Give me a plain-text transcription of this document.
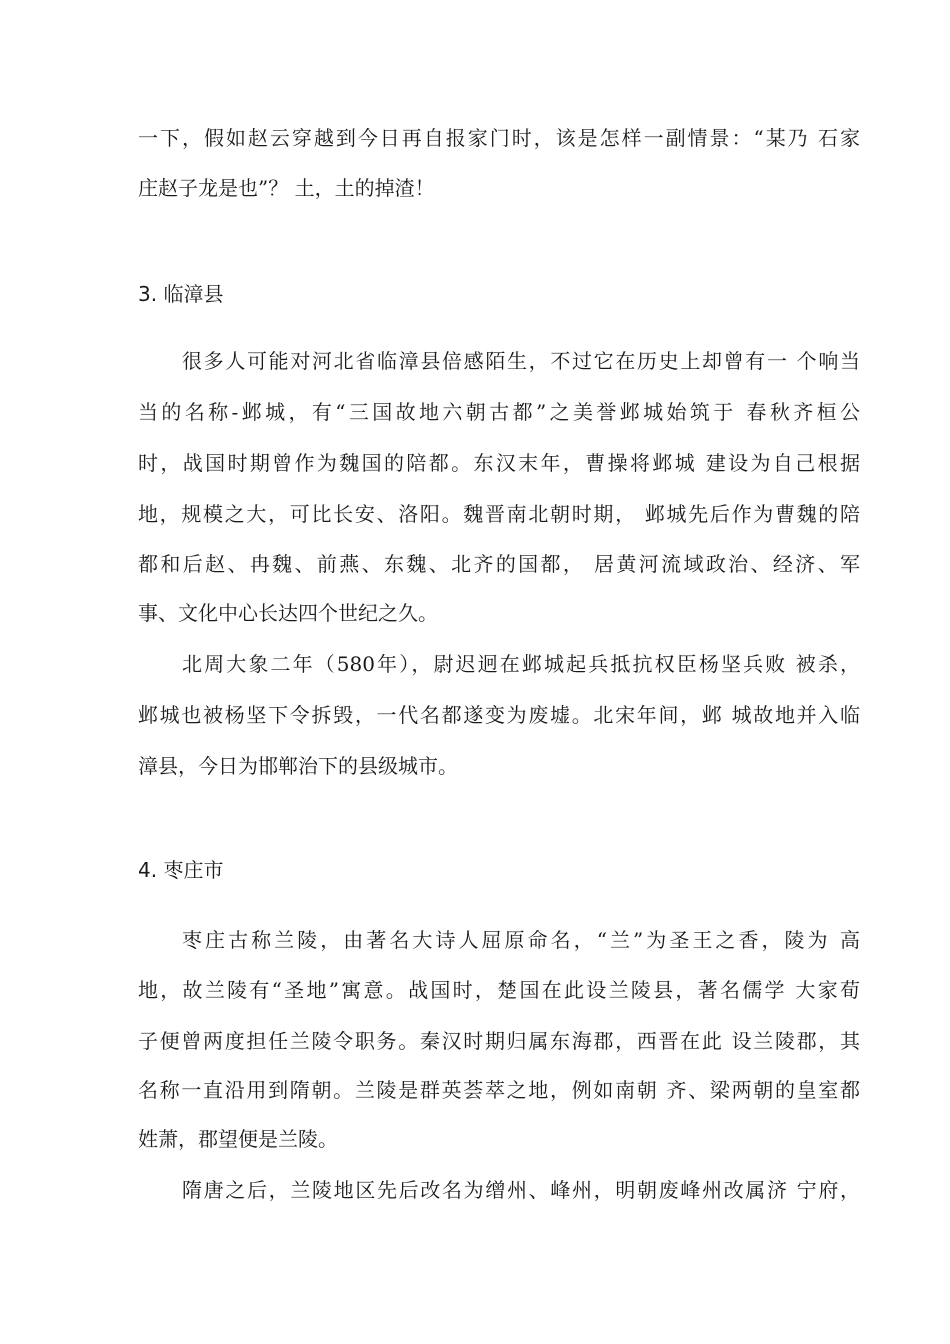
一下，假如赵云穿越到今日再自报家门时，该是怎样一副情景：“某乃 石家
庄赵子龙是也”？ 土，土的掉渣！
3. 临漳县
很多人可能对河北省临漳县倍感陌生，不过它在历史上却曾有一 个响当
当的名称-邺城，有“三国故地六朝古都”之美誉邺城始筑于 春秋齐桓公
时，战国时期曾作为魏国的陪都。东汉末年，曹操将邺城 建设为自己根据
地，规模之大，可比长安、洛阳。魏晋南北朝时期， 邺城先后作为曹魏的陪
都和后赵、冉魏、前燕、东魏、北齐的国都， 居黄河流域政治、经济、军
事、文化中心长达四个世纪之久。
北周大象二年（580年），尉迟迥在邺城起兵抵抗权臣杨坚兵败 被杀，
邺城也被杨坚下令拆毁，一代名都遂变为废墟。北宋年间，邺 城故地并入临
漳县，今日为邯郸治下的县级城市。
4. 枣庄市
枣庄古称兰陵，由著名大诗人屈原命名，“兰”为圣王之香，陵为 高
地，故兰陵有“圣地”寓意。战国时，楚国在此设兰陵县，著名儒学 大家荀
子便曾两度担任兰陵令职务。秦汉时期归属东海郡，西晋在此 设兰陵郡，其
名称一直沿用到隋朝。兰陵是群英荟萃之地，例如南朝 齐、梁两朝的皇室都
姓萧，郡望便是兰陵。
隋唐之后，兰陵地区先后改名为缯州、峰州，明朝废峰州改属济 宁府，
